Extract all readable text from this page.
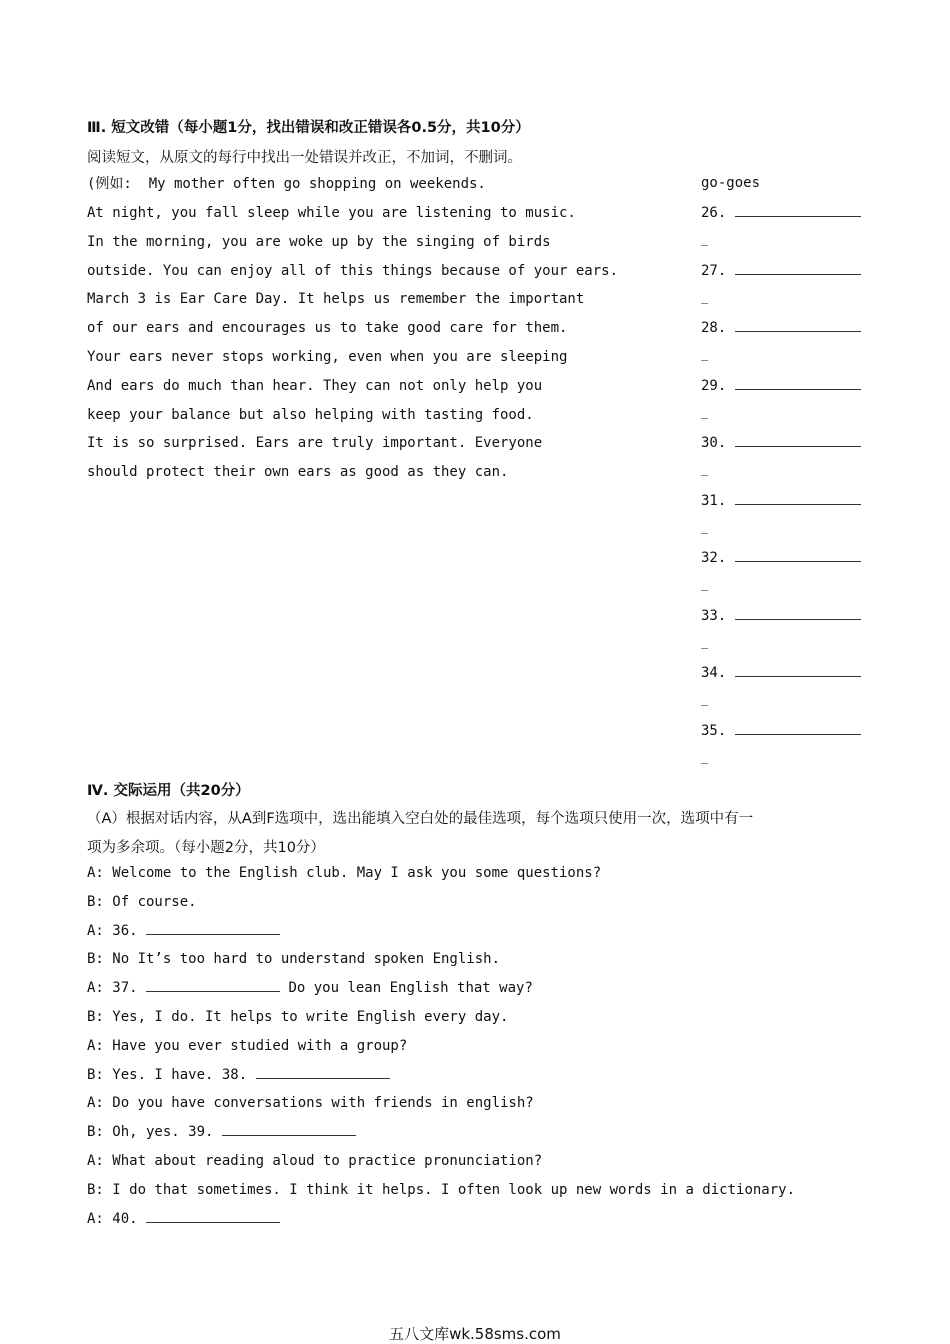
Ⅲ. 短文改错（每小题1分，找出错误和改正错误各0.5分，共10分）
阅读短文，从原文的每行中找出一处错误并改正，不加词，不删词。
(例如:  My mother often go shopping on weekends.	go-goes
At night, you fall sleep while you are listening to music.
In the morning, you are woke up by the singing of birds
outside. You can enjoy all of this things because of your ears.
March 3 is Ear Care Day. It helps us remember the important
of our ears and encourages us to take good care for them.
Your ears never stops working, even when you are sleeping
And ears do much than hear. They can not only help you
keep your balance but also helping with tasting food.
It is so surprised. Ears are truly important. Everyone
should protect their own ears as good as they can.
26.
_
27.
_
28.
_
29.
_
30.
_
31.
_
32.
_
33.
_
34.
_
35.
_
Ⅳ. 交际运用（共20分）
（A）根据对话内容，从A到F选项中，选出能填入空白处的最佳选项，每个选项只使用一次，选项中有一
项为多余项。（每小题2分，共10分）
A: Welcome to the English club. May I ask you some questions?
B: Of course.
A: 36.
B: No It’s too hard to understand spoken English.
A: 37.	Do you lean English that way?
B: Yes, I do. It helps to write English every day.
A: Have you ever studied with a group?
B: Yes. I have. 38.
A: Do you have conversations with friends in english?
B: Oh, yes. 39.
A: What about reading aloud to practice pronunciation?
B: I do that sometimes. I think it helps. I often look up new words in a dictionary.
A: 40.
五八文库wk.58sms.com
